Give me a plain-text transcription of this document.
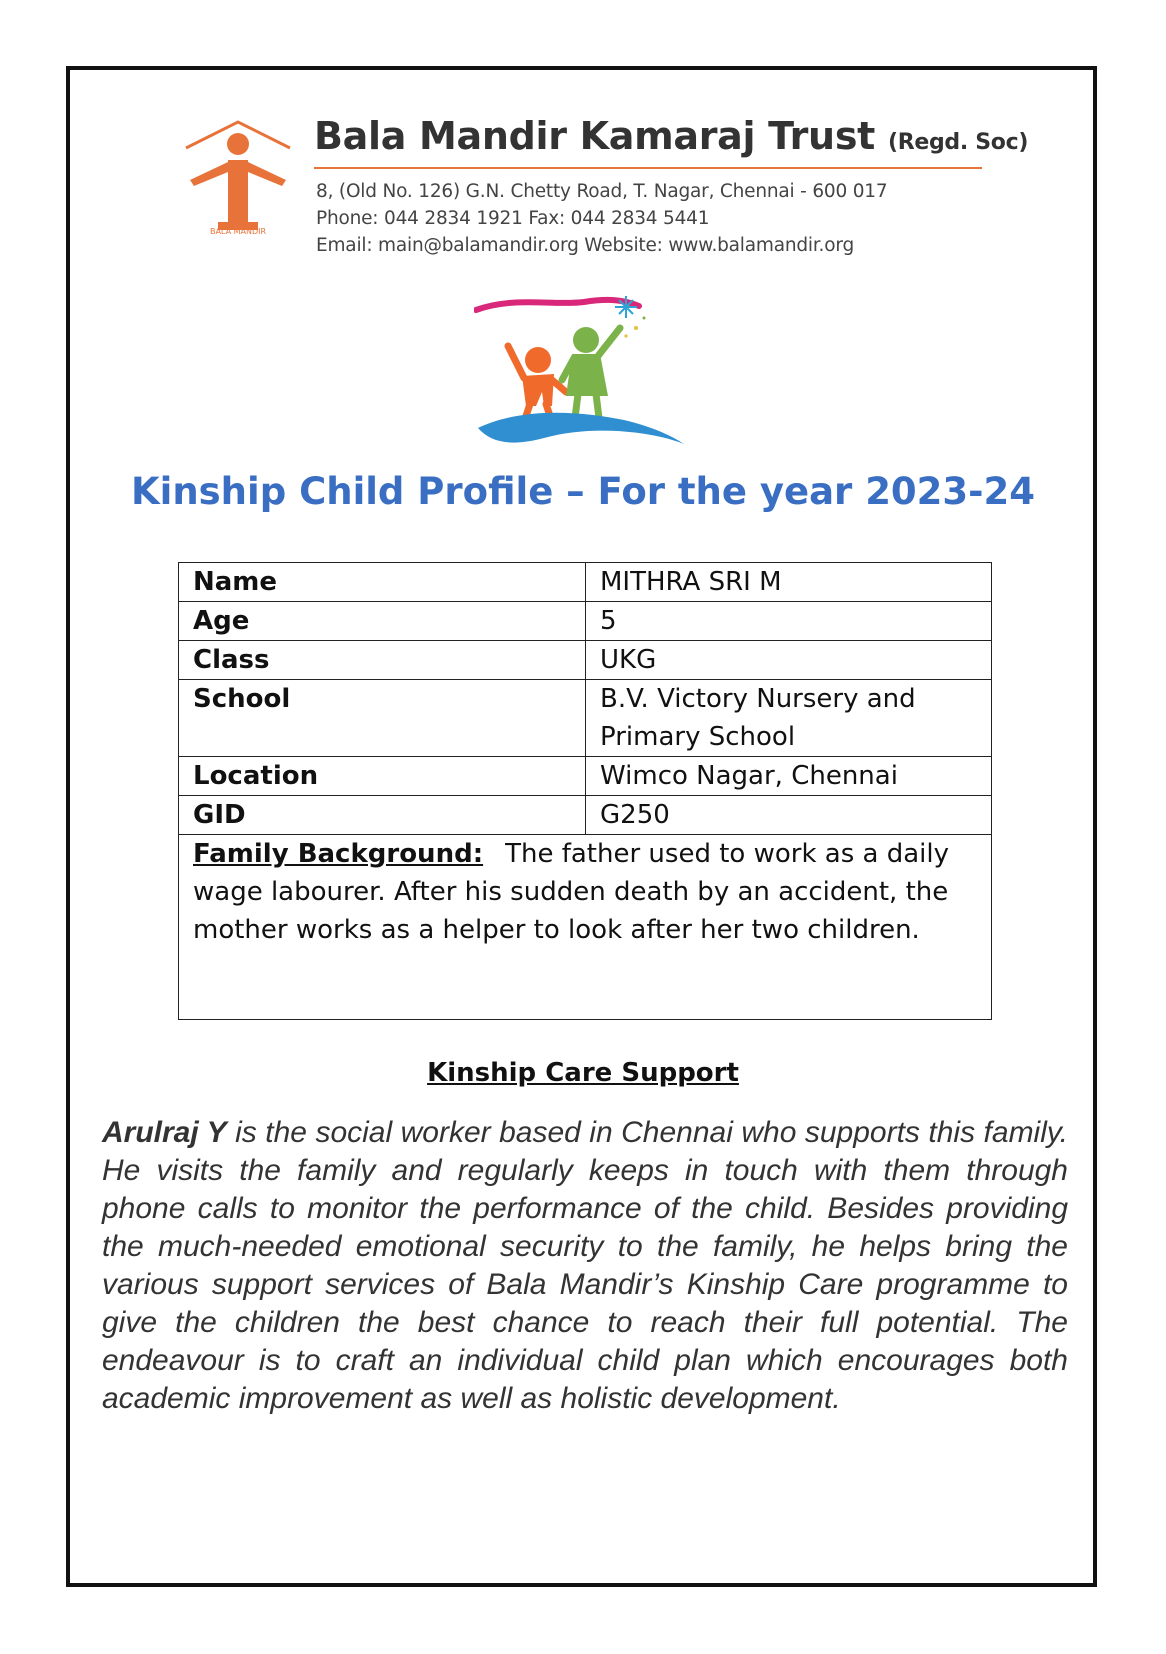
BALA MANDIR
Bala Mandir Kamaraj Trust (Regd. Soc)
8, (Old No. 126) G.N. Chetty Road, T. Nagar, Chennai - 600 017
Phone: 044 2834 1921 Fax: 044 2834 5441
Email: main@balamandir.org Website: www.balamandir.org
Kinship Child Profile – For the year 2023-24
Name	MITHRA SRI M
Age	5
Class	UKG
School	B.V. Victory Nursery and Primary School
Location	Wimco Nagar, Chennai
GID	G250
Family Background: The father used to work as a daily wage labourer. After his sudden death by an accident, the mother works as a helper to look after her two children.	
Kinship Care Support
Arulraj Y is the social worker based in Chennai who supports this family. He visits the family and regularly keeps in touch with them through phone calls to monitor the performance of the child. Besides providing the much-needed emotional security to the family, he helps bring the various support services of Bala Mandir’s Kinship Care programme to give the children the best chance to reach their full potential. The endeavour is to craft an individual child plan which encourages both academic improvement as well as holistic development.
